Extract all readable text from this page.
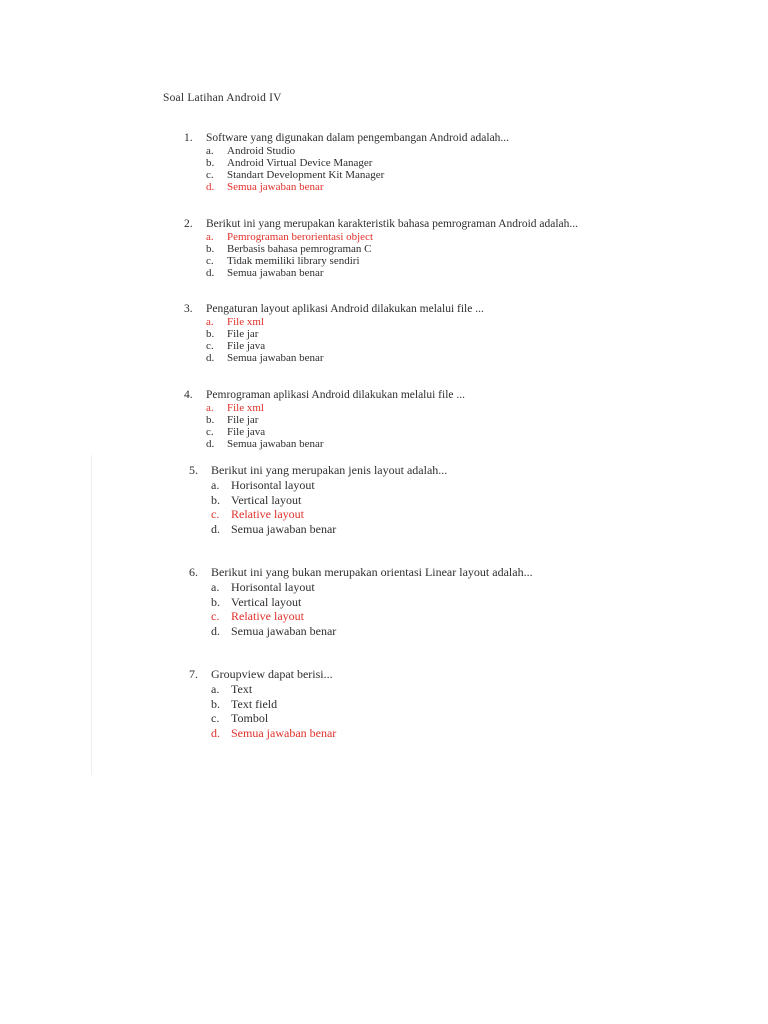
Soal Latihan Android IV
1. Software yang digunakan dalam pengembangan Android adalah...
a. Android Studio
b. Android Virtual Device Manager
c. Standart Development Kit Manager
d. Semua jawaban benar
2. Berikut ini yang merupakan karakteristik bahasa pemrograman Android adalah...
a. Pemrograman berorientasi object
b. Berbasis bahasa pemrograman C
c. Tidak memiliki library sendiri
d. Semua jawaban benar
3. Pengaturan layout aplikasi Android dilakukan melalui file ...
a. File xml
b. File jar
c. File java
d. Semua jawaban benar
4. Pemrograman aplikasi Android dilakukan melalui file ...
a. File xml
b. File jar
c. File java
d. Semua jawaban benar
5. Berikut ini yang merupakan jenis layout adalah...
a. Horisontal layout
b. Vertical layout
c. Relative layout
d. Semua jawaban benar
6. Berikut ini yang bukan merupakan orientasi Linear layout adalah...
a. Horisontal layout
b. Vertical layout
c. Relative layout
d. Semua jawaban benar
7. Groupview dapat berisi...
a. Text
b. Text field
c. Tombol
d. Semua jawaban benar
